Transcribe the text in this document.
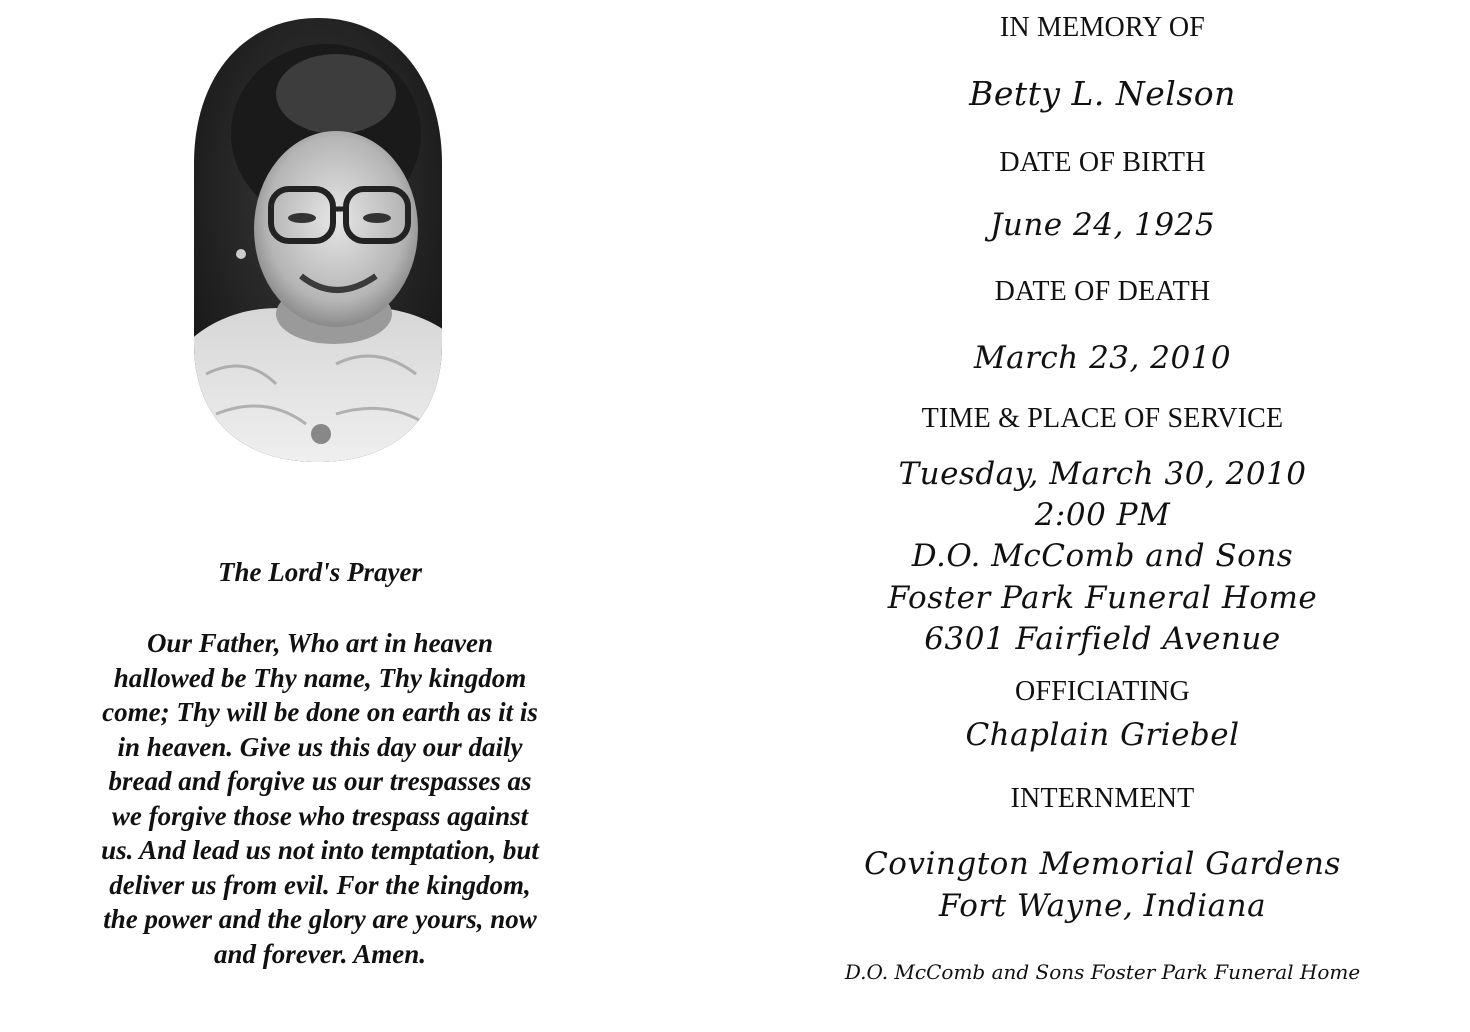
The Lord's Prayer
Our Father, Who art in heaven
hallowed be Thy name, Thy kingdom
come; Thy will be done on earth as it is
in heaven. Give us this day our daily
bread and forgive us our trespasses as
we forgive those who trespass against
us. And lead us not into temptation, but
deliver us from evil. For the kingdom,
the power and the glory are yours, now
and forever. Amen.
IN MEMORY OF
Betty L. Nelson
DATE OF BIRTH
June 24, 1925
DATE OF DEATH
March 23, 2010
TIME & PLACE OF SERVICE
Tuesday, March 30, 2010
2:00 PM
D.O. McComb and Sons
Foster Park Funeral Home
6301 Fairfield Avenue
OFFICIATING
Chaplain Griebel
INTERNMENT
Covington Memorial Gardens
Fort Wayne, Indiana
D.O. McComb and Sons Foster Park Funeral Home
